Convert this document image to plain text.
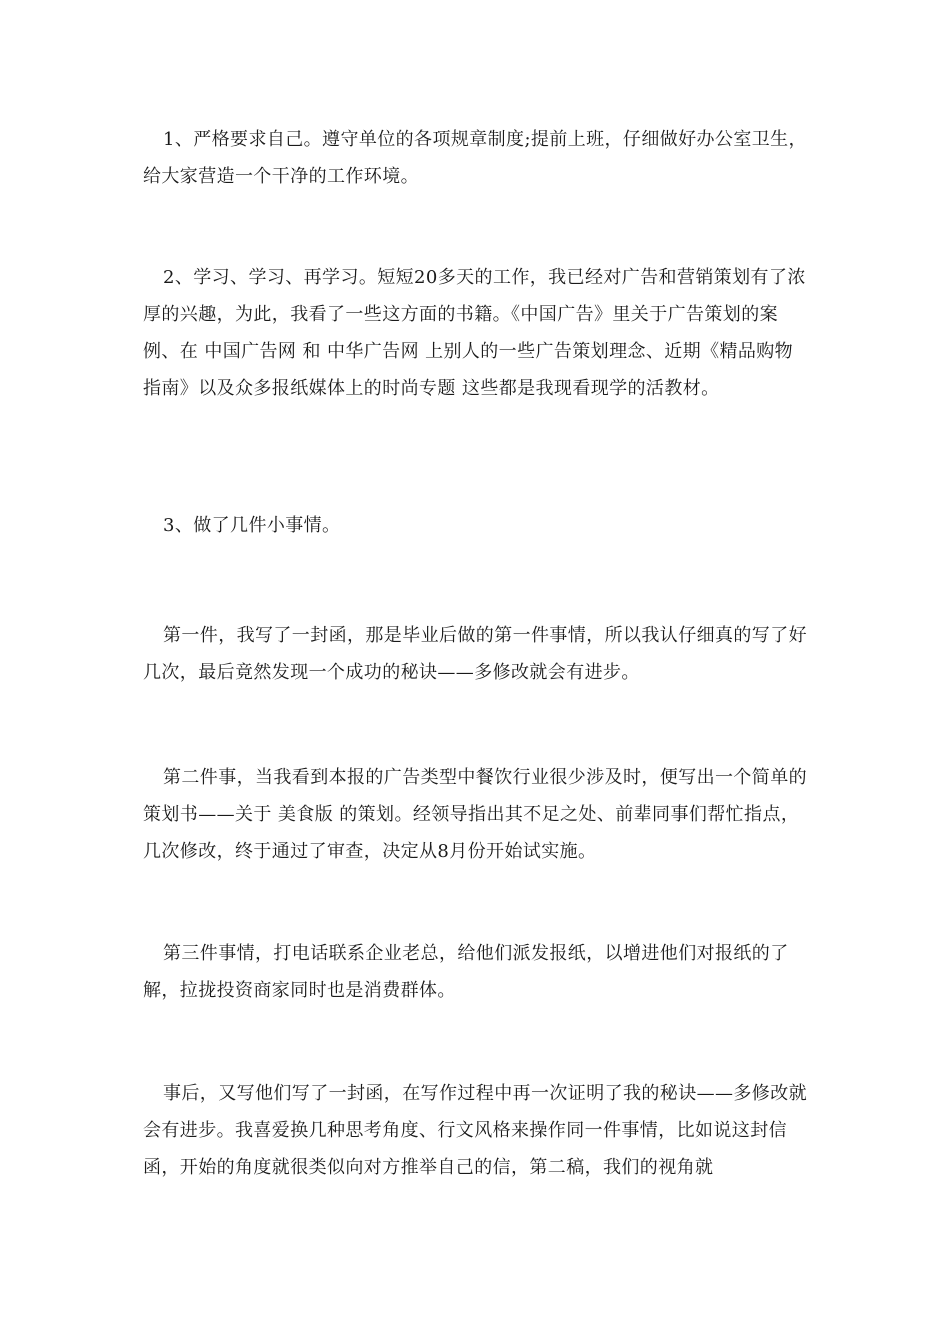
1、严格要求自己。遵守单位的各项规章制度;提前上班，仔细做好办公室卫生，给大家营造一个干净的工作环境。

2、学习、学习、再学习。短短20多天的工作，我已经对广告和营销策划有了浓厚的兴趣，为此，我看了一些这方面的书籍。《中国广告》里关于广告策划的案例、在 中国广告网 和 中华广告网 上别人的一些广告策划理念、近期《精品购物指南》以及众多报纸媒体上的时尚专题 这些都是我现看现学的活教材。

3、做了几件小事情。

第一件，我写了一封函，那是毕业后做的第一件事情，所以我认仔细真的写了好几次，最后竟然发现一个成功的秘诀——多修改就会有进步。

第二件事，当我看到本报的广告类型中餐饮行业很少涉及时，便写出一个简单的策划书——关于 美食版 的策划。经领导指出其不足之处、前辈同事们帮忙指点，几次修改，终于通过了审查，决定从8月份开始试实施。

第三件事情，打电话联系企业老总，给他们派发报纸，以增进他们对报纸的了解，拉拢投资商家同时也是消费群体。

事后，又写他们写了一封函，在写作过程中再一次证明了我的秘诀——多修改就会有进步。我喜爱换几种思考角度、行文风格来操作同一件事情，比如说这封信函，开始的角度就很类似向对方推举自己的信，第二稿，我们的视角就
